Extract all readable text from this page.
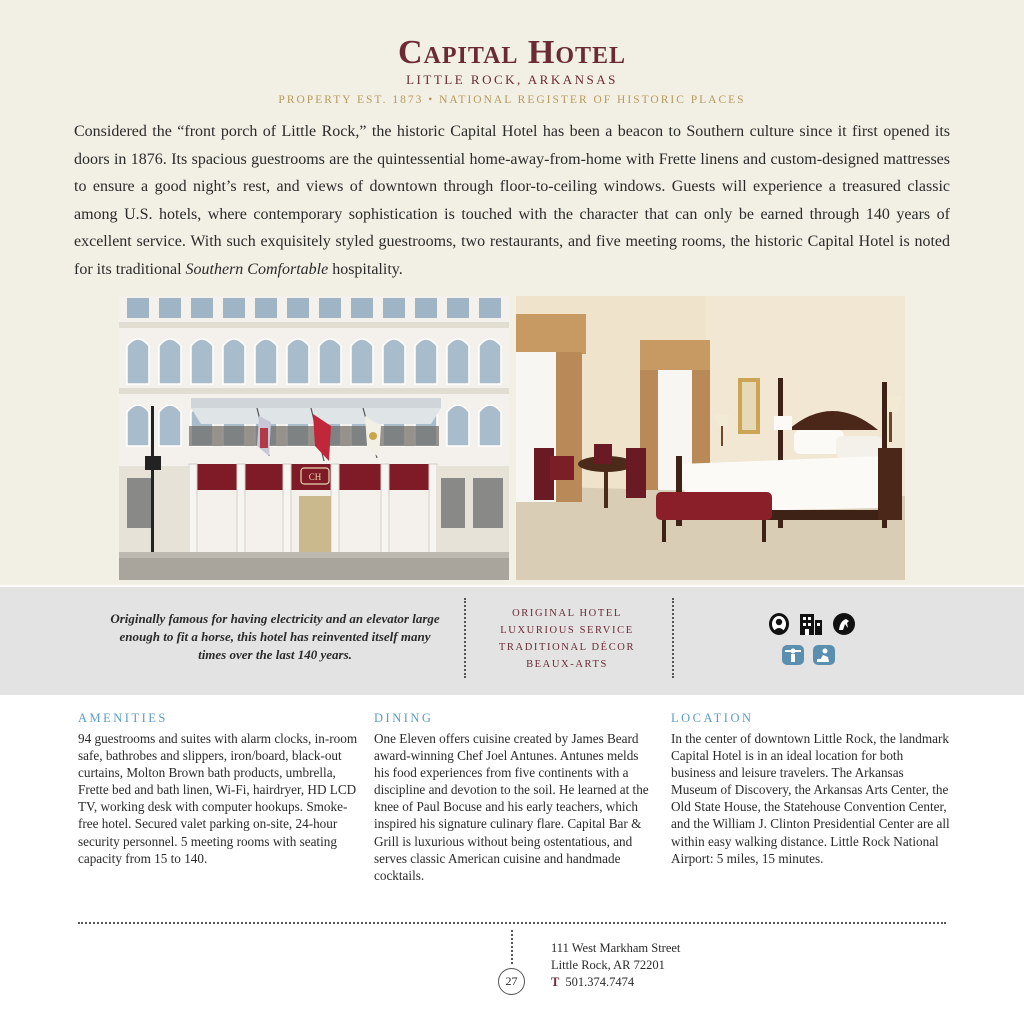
Capital Hotel
LITTLE ROCK, ARKANSAS
PROPERTY EST. 1873 • NATIONAL REGISTER OF HISTORIC PLACES

Considered the “front porch of Little Rock,” the historic Capital Hotel has been a beacon to Southern culture since it first opened its doors in 1876. Its spacious guestrooms are the quintessential home-away-from-home with Frette linens and custom-designed mattresses to ensure a good night’s rest, and views of downtown through floor-to-ceiling windows. Guests will experience a treasured classic among U.S. hotels, where contemporary sophistication is touched with the character that can only be earned through 140 years of excellent service. With such exquisitely styled guestrooms, two restaurants, and five meeting rooms, the historic Capital Hotel is noted for its traditional Southern Comfortable hospitality.

CH

Originally famous for having electricity and an elevator large enough to fit a horse, this hotel has reinvented itself many times over the last 140 years.

ORIGINAL HOTEL
LUXURIOUS SERVICE
TRADITIONAL DÉCOR
BEAUX-ARTS

AMENITIES

94 guestrooms and suites with alarm clocks, in-room safe, bathrobes and slippers, iron/board, black-out curtains, Molton Brown bath products, umbrella, Frette bed and bath linen, Wi-Fi, hairdryer, HD LCD TV, working desk with computer hookups. Smoke-free hotel. Secured valet parking on-site, 24-hour security personnel. 5 meeting rooms with seating capacity from 15 to 140.

DINING

One Eleven offers cuisine created by James Beard award-winning Chef Joel Antunes. Antunes melds his food experiences from five continents with a discipline and devotion to the soil. He learned at the knee of Paul Bocuse and his early teachers, which inspired his signature culinary flare. Capital Bar & Grill is luxurious without being ostentatious, and serves classic American cuisine and handmade cocktails.

LOCATION

In the center of downtown Little Rock, the landmark Capital Hotel is in an ideal location for both business and leisure travelers. The Arkansas Museum of Discovery, the Arkansas Arts Center, the Old State House, the Statehouse Convention Center, and the William J. Clinton Presidential Center are all within easy walking distance. Little Rock National Airport: 5 miles, 15 minutes.

27
111 West Markham Street
Little Rock, AR 72201
T 501.374.7474
